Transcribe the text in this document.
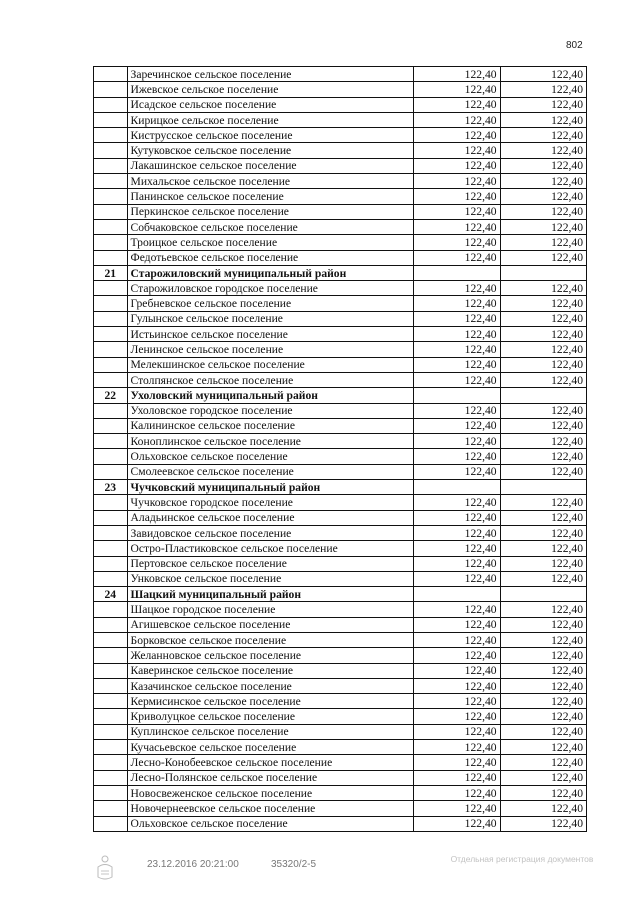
802
	Заречинское сельское поселение	122,40	122,40
	Ижевское сельское поселение	122,40	122,40
	Исадское сельское поселение	122,40	122,40
	Кирицкое сельское поселение	122,40	122,40
	Киструсское сельское поселение	122,40	122,40
	Кутуковское сельское поселение	122,40	122,40
	Лакашинское сельское поселение	122,40	122,40
	Михальское сельское поселение	122,40	122,40
	Панинское сельское поселение	122,40	122,40
	Перкинское сельское поселение	122,40	122,40
	Собчаковское сельское поселение	122,40	122,40
	Троицкое сельское поселение	122,40	122,40
	Федотьевское сельское поселение	122,40	122,40
21	Старожиловский муниципальный район		
	Старожиловское городское поселение	122,40	122,40
	Гребневское сельское поселение	122,40	122,40
	Гулынское сельское поселение	122,40	122,40
	Истьинское сельское поселение	122,40	122,40
	Ленинское сельское поселение	122,40	122,40
	Мелекшинское сельское поселение	122,40	122,40
	Столпянское сельское поселение	122,40	122,40
22	Ухоловский муниципальный район		
	Ухоловское городское поселение	122,40	122,40
	Калининское сельское поселение	122,40	122,40
	Коноплинское сельское поселение	122,40	122,40
	Ольховское сельское поселение	122,40	122,40
	Смолеевское сельское поселение	122,40	122,40
23	Чучковский муниципальный район		
	Чучковское городское поселение	122,40	122,40
	Аладьинское сельское поселение	122,40	122,40
	Завидовское сельское поселение	122,40	122,40
	Остро-Пластиковское сельское поселение	122,40	122,40
	Пертовское сельское поселение	122,40	122,40
	Унковское сельское поселение	122,40	122,40
24	Шацкий муниципальный район		
	Шацкое городское поселение	122,40	122,40
	Агишевское сельское поселение	122,40	122,40
	Борковское сельское поселение	122,40	122,40
	Желанновское сельское поселение	122,40	122,40
	Каверинское сельское поселение	122,40	122,40
	Казачинское сельское поселение	122,40	122,40
	Кермисинское сельское поселение	122,40	122,40
	Криволуцкое сельское поселение	122,40	122,40
	Куплинское сельское поселение	122,40	122,40
	Кучасьевское сельское поселение	122,40	122,40
	Лесно-Конобеевское сельское поселение	122,40	122,40
	Лесно-Полянское сельское поселение	122,40	122,40
	Новосвеженское сельское поселение	122,40	122,40
	Новочернеевское сельское поселение	122,40	122,40
	Ольховское сельское поселение	122,40	122,40
23.12.2016 20:21:00	35320/2-5	Отдельная регистрация документов
